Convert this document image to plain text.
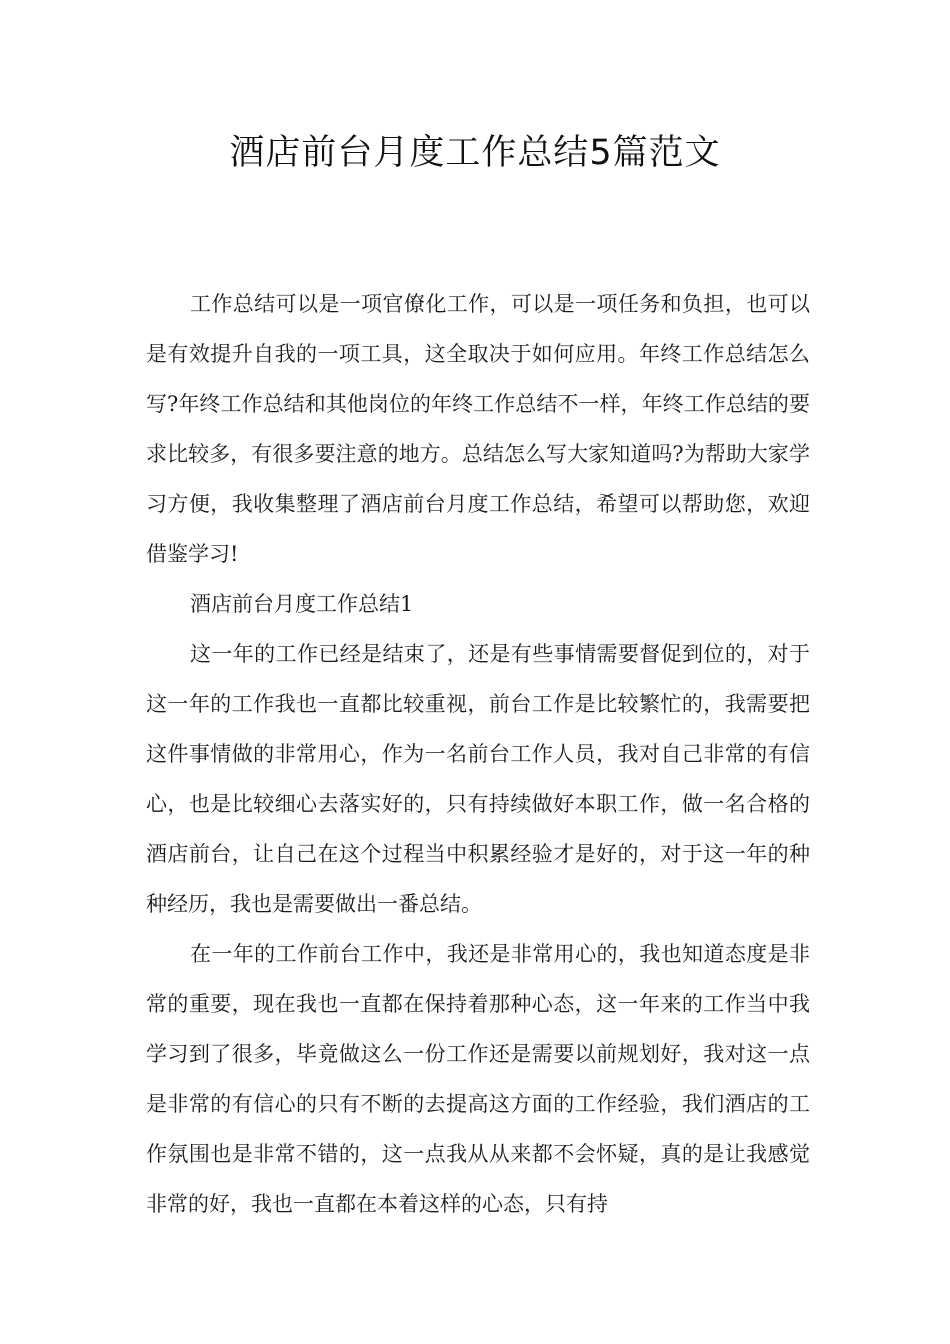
酒店前台月度工作总结5篇范文

工作总结可以是一项官僚化工作，可以是一项任务和负担，也可以是有效提升自我的一项工具，这全取决于如何应用。年终工作总结怎么写?年终工作总结和其他岗位的年终工作总结不一样，年终工作总结的要求比较多，有很多要注意的地方。总结怎么写大家知道吗?为帮助大家学习方便，我收集整理了酒店前台月度工作总结，希望可以帮助您，欢迎借鉴学习!

酒店前台月度工作总结1

这一年的工作已经是结束了，还是有些事情需要督促到位的，对于这一年的工作我也一直都比较重视，前台工作是比较繁忙的，我需要把这件事情做的非常用心，作为一名前台工作人员，我对自己非常的有信心，也是比较细心去落实好的，只有持续做好本职工作，做一名合格的酒店前台，让自己在这个过程当中积累经验才是好的，对于这一年的种种经历，我也是需要做出一番总结。

在一年的工作前台工作中，我还是非常用心的，我也知道态度是非常的重要，现在我也一直都在保持着那种心态，这一年来的工作当中我学习到了很多，毕竟做这么一份工作还是需要以前规划好，我对这一点是非常的有信心的只有不断的去提高这方面的工作经验，我们酒店的工作氛围也是非常不错的，这一点我从从来都不会怀疑，真的是让我感觉非常的好，我也一直都在本着这样的心态，只有持
